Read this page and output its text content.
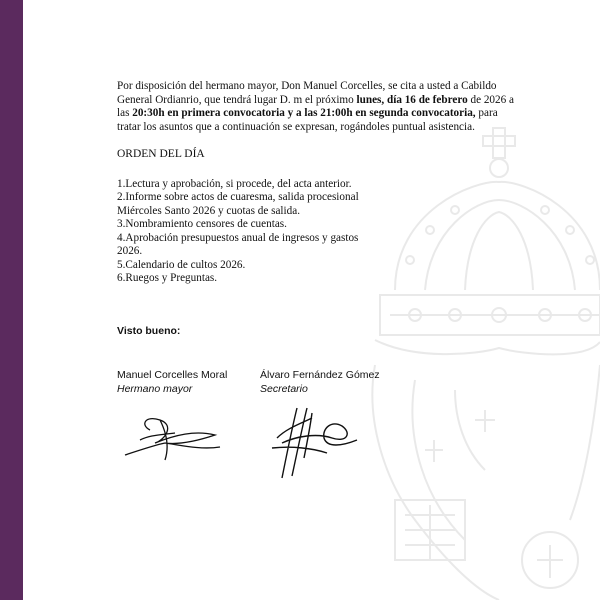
Por disposición del hermano mayor, Don Manuel Corcelles, se cita a usted a Cabildo General Ordianrio, que tendrá lugar D. m el próximo lunes, día 16 de febrero de 2026 a las 20:30h en primera convocatoria y a las 21:00h en segunda convocatoria, para tratar los asuntos que a continuación se expresan, rogándoles puntual asistencia.

ORDEN DEL DÍA

1.Lectura y aprobación, si procede, del acta anterior.

2.Informe sobre actos de cuaresma, salida procesional Miércoles Santo 2026 y cuotas de salida.

3.Nombramiento censores de cuentas.

4.Aprobación presupuestos anual de ingresos y gastos 2026.

5.Calendario de cultos 2026.

6.Ruegos y Preguntas.

Visto bueno:
Manuel Corcelles Moral
Hermano mayor
Álvaro Fernández Gómez
Secretario
